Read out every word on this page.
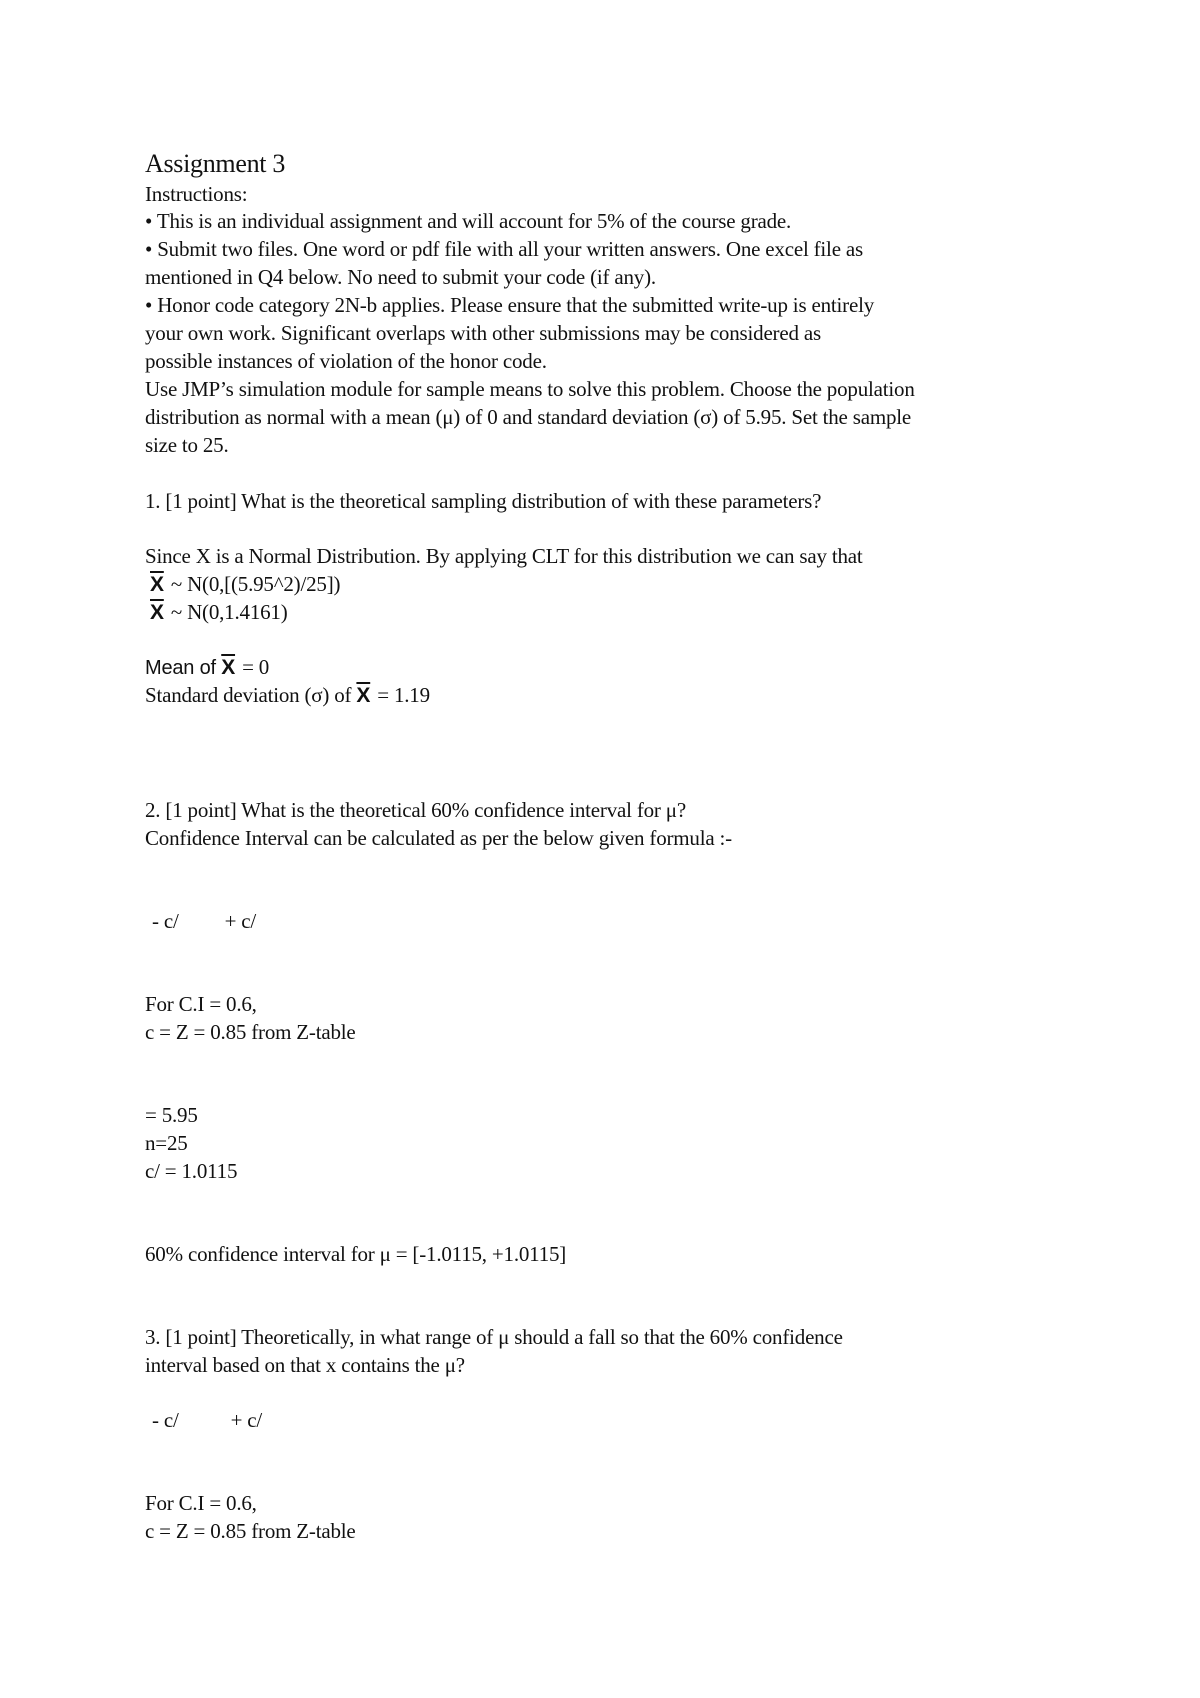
Assignment 3
Instructions:
• This is an individual assignment and will account for 5% of the course grade.
• Submit two files. One word or pdf file with all your written answers. One excel file as
mentioned in Q4 below. No need to submit your code (if any).
• Honor code category 2N-b applies. Please ensure that the submitted write-up is entirely
your own work. Significant overlaps with other submissions may be considered as
possible instances of violation of the honor code.
Use JMP’s simulation module for sample means to solve this problem. Choose the population
distribution as normal with a mean (μ) of 0 and standard deviation (σ) of 5.95. Set the sample
size to 25.
1. [1 point] What is the theoretical sampling distribution of with these parameters?
Since X is a Normal Distribution. By applying CLT for this distribution we can say that
$\overline{X}$ ~ N(0,[(5.95^2)/25])
$\overline{X}$ ~ N(0,1.4161)
Mean of $\overline{X} = 0$
Standard deviation (σ) of $\overline{X} = 1.19$
2. [1 point] What is the theoretical 60% confidence interval for μ?
Confidence Interval can be calculated as per the below given formula :-
- c/ + c/
For C.I = 0.6,
c = Z = 0.85 from Z-table
= 5.95
n=25
c/ = 1.0115
60% confidence interval for μ = [-1.0115, +1.0115]
3. [1 point] Theoretically, in what range of μ should a fall so that the 60% confidence
interval based on that x contains the μ?
- c/ + c/
For C.I = 0.6,
c = Z = 0.85 from Z-table
